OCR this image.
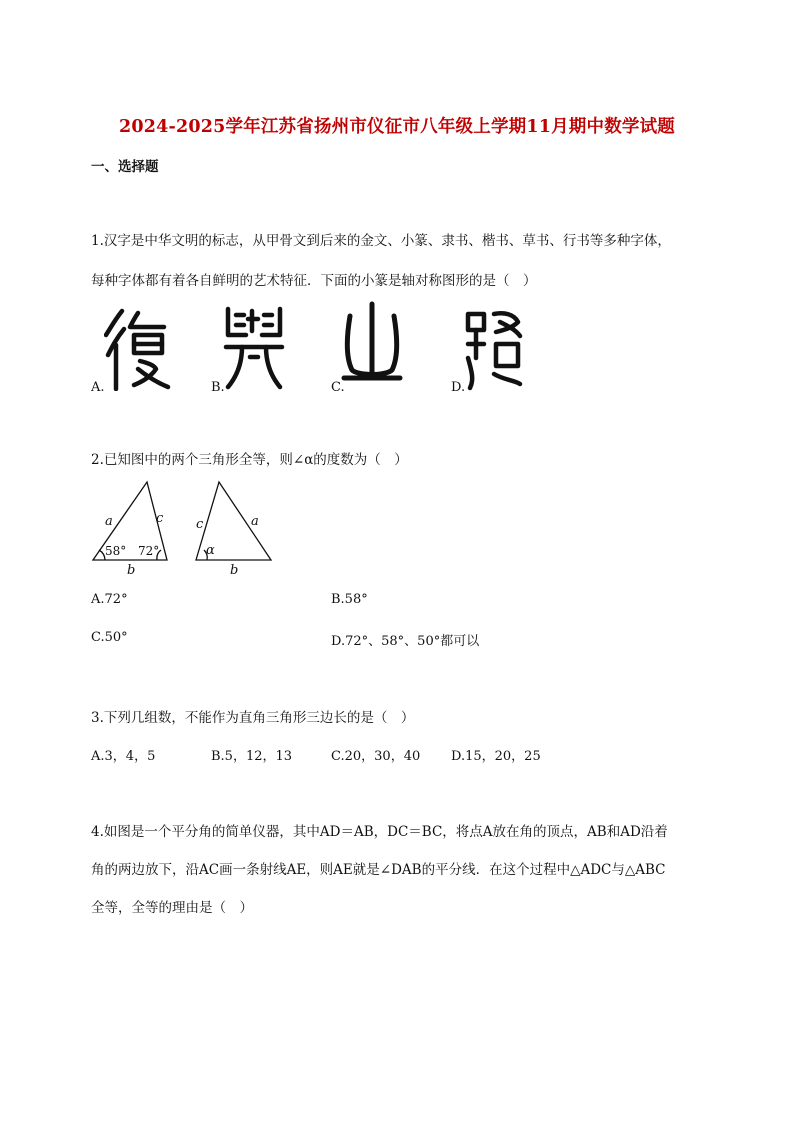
2024-2025学年江苏省扬州市仪征市八年级上学期11月期中数学试题
一、选择题
1.汉字是中华文明的标志，从甲骨文到后来的金文、小篆、隶书、楷书、草书、行书等多种字体，
每种字体都有着各自鲜明的艺术特征．下面的小篆是轴对称图形的是（　）
A.	B.	C.	D.
2.已知图中的两个三角形全等，则∠α的度数为（　）
a	c
b
58° 72°
c	a
b
α
A.72°	B.58°
C.50°	D.72°、58°、50°都可以
3.下列几组数，不能作为直角三角形三边长的是（　）
A.3，4，5	B.5，12，13	C.20，30，40 D.15，20，25
4.如图是一个平分角的简单仪器，其中AD＝AB，DC＝BC，将点A放在角的顶点，AB和AD沿着
角的两边放下，沿AC画一条射线AE，则AE就是∠DAB的平分线．在这个过程中△ADC与△ABC
全等，全等的理由是（　）
